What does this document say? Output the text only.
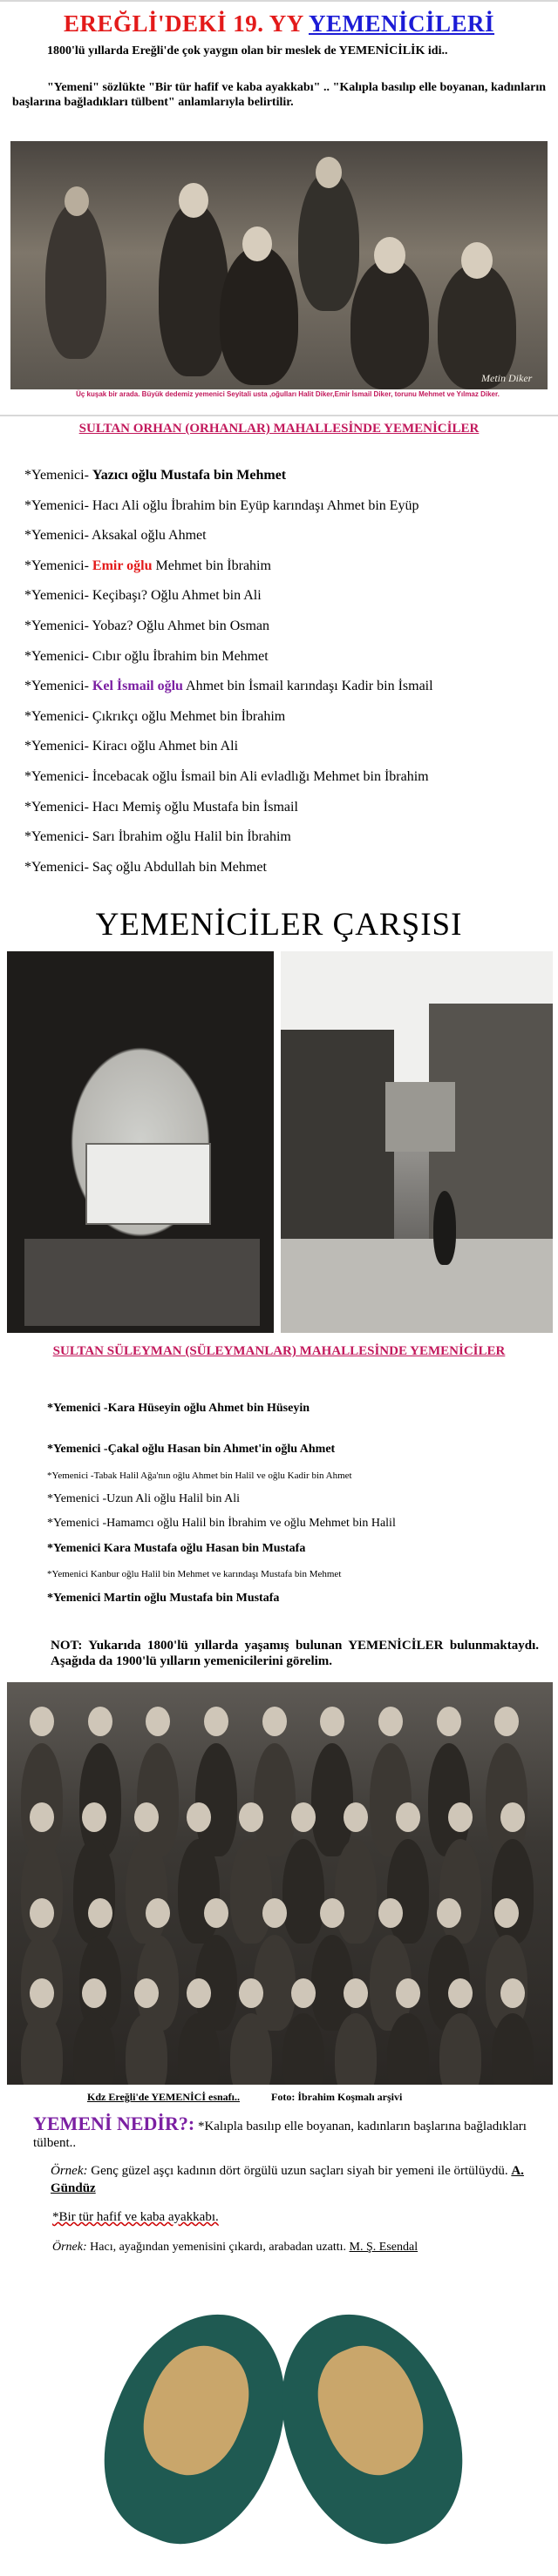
EREĞLİ'DEKİ 19. YY YEMENİCİLERİ
1800'lü yıllarda Ereğli'de çok yaygın olan bir meslek de YEMENİCİLİK idi..
"Yemeni" sözlükte "Bir tür hafif ve kaba ayakkabı" .. "Kalıpla basılıp elle boyanan, kadınların başlarına bağladıkları tülbent" anlamlarıyla belirtilir.
Metin Diker
Üç kuşak bir arada. Büyük dedemiz yemenici Seyitali usta ,oğulları Halit Diker,Emir İsmail Diker, torunu Mehmet ve Yılmaz Diker.
SULTAN ORHAN (ORHANLAR) MAHALLESİNDE YEMENİCİLER
*Yemenici- Yazıcı oğlu Mustafa bin Mehmet
*Yemenici- Hacı Ali oğlu İbrahim bin Eyüp karındaşı Ahmet bin Eyüp
*Yemenici- Aksakal oğlu Ahmet
*Yemenici- Emir oğlu Mehmet bin İbrahim
*Yemenici- Keçibaşı? Oğlu Ahmet bin Ali
*Yemenici- Yobaz? Oğlu Ahmet bin Osman
*Yemenici- Cıbır oğlu İbrahim bin Mehmet
*Yemenici- Kel İsmail oğlu Ahmet bin İsmail karındaşı Kadir bin İsmail
*Yemenici- Çıkrıkçı oğlu Mehmet bin İbrahim
*Yemenici- Kiracı oğlu Ahmet bin Ali
*Yemenici- İncebacak oğlu İsmail bin Ali evladlığı Mehmet bin İbrahim
*Yemenici- Hacı Memiş oğlu Mustafa bin İsmail
*Yemenici- Sarı İbrahim oğlu Halil bin İbrahim
*Yemenici- Saç oğlu Abdullah bin Mehmet
YEMENİCİLER ÇARŞISI
SULTAN SÜLEYMAN (SÜLEYMANLAR) MAHALLESİNDE YEMENİCİLER
*Yemenici -Kara Hüseyin oğlu Ahmet bin Hüseyin
*Yemenici -Çakal oğlu Hasan bin Ahmet'in oğlu Ahmet
*Yemenici -Tabak Halil Ağa'nın oğlu Ahmet bin Halil ve oğlu Kadir bin Ahmet
*Yemenici -Uzun Ali oğlu Halil bin Ali
*Yemenici -Hamamcı oğlu Halil bin İbrahim ve oğlu Mehmet bin Halil
*Yemenici Kara Mustafa oğlu Hasan bin Mustafa
*Yemenici Kanbur oğlu Halil bin Mehmet ve karındaşı Mustafa bin Mehmet
*Yemenici Martin oğlu Mustafa bin Mustafa
NOT: Yukarıda 1800'lü yıllarda yaşamış bulunan YEMENİCİLER bulunmaktaydı. Aşağıda da 1900'lü yılların yemenicilerini görelim.
Kdz Ereğli'de YEMENİCİ esnafı..	Foto: İbrahim Koşmalı arşivi
YEMENİ NEDİR?: *Kalıpla basılıp elle boyanan, kadınların başlarına bağladıkları tülbent..
Örnek: Genç güzel aşçı kadının dört örgülü uzun saçları siyah bir yemeni ile örtülüydü. A. Gündüz
*Bir tür hafif ve kaba ayakkabı.
Örnek: Hacı, ayağından yemenisini çıkardı, arabadan uzattı. M. Ş. Esendal
